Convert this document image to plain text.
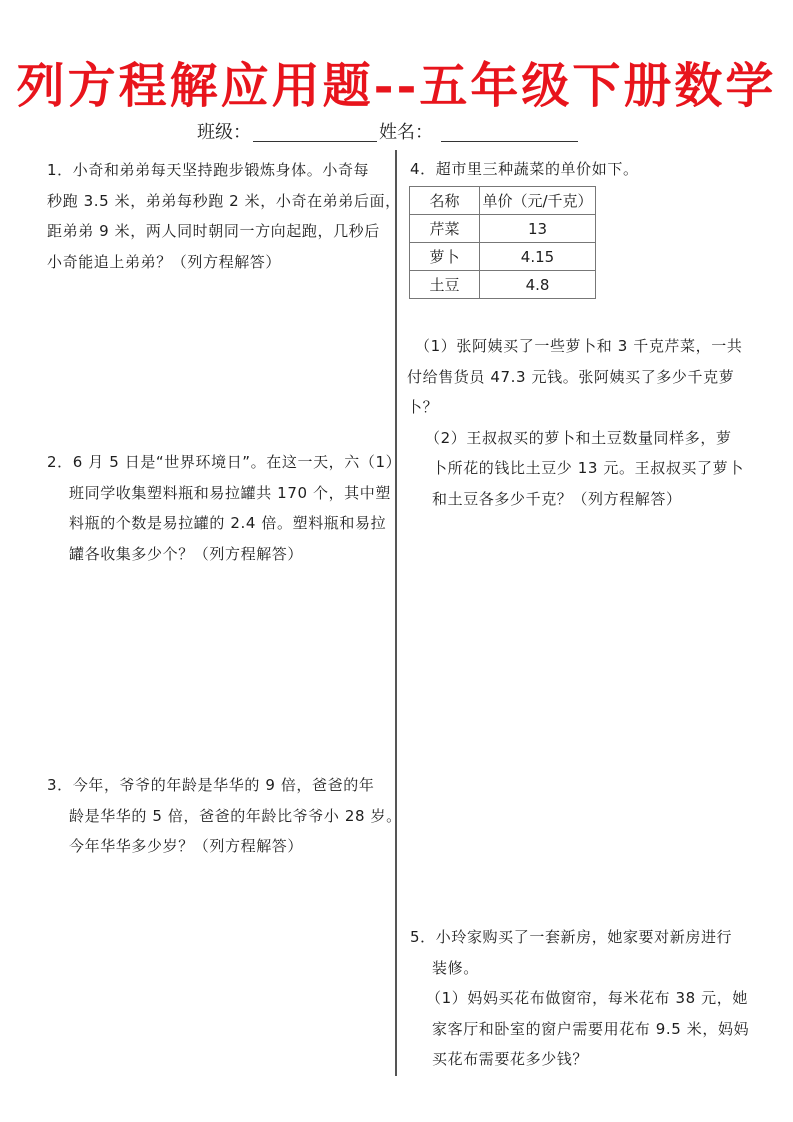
列方程解应用题--五年级下册数学
班级：	姓名：
1．小奇和弟弟每天坚持跑步锻炼身体。小奇每
秒跑 3.5 米，弟弟每秒跑 2 米，小奇在弟弟后面，
距弟弟 9 米，两人同时朝同一方向起跑，几秒后
小奇能追上弟弟？（列方程解答）
2．6 月 5 日是“世界环境日”。在这一天，六（1）
班同学收集塑料瓶和易拉罐共 170 个，其中塑
料瓶的个数是易拉罐的 2.4 倍。塑料瓶和易拉
罐各收集多少个？（列方程解答）
3．今年，爷爷的年龄是华华的 9 倍，爸爸的年
龄是华华的 5 倍，爸爸的年龄比爷爷小 28 岁。
今年华华多少岁？（列方程解答）
4．超市里三种蔬菜的单价如下。
名称	单价（元/千克）
芹菜	13
萝卜	4.15
土豆	4.8
（1）张阿姨买了一些萝卜和 3 千克芹菜，一共
付给售货员 47.3 元钱。张阿姨买了多少千克萝
卜？
（2）王叔叔买的萝卜和土豆数量同样多，萝
卜所花的钱比土豆少 13 元。王叔叔买了萝卜
和土豆各多少千克？（列方程解答）
5．小玲家购买了一套新房，她家要对新房进行
装修。
（1）妈妈买花布做窗帘，每米花布 38 元，她
家客厅和卧室的窗户需要用花布 9.5 米，妈妈
买花布需要花多少钱？
